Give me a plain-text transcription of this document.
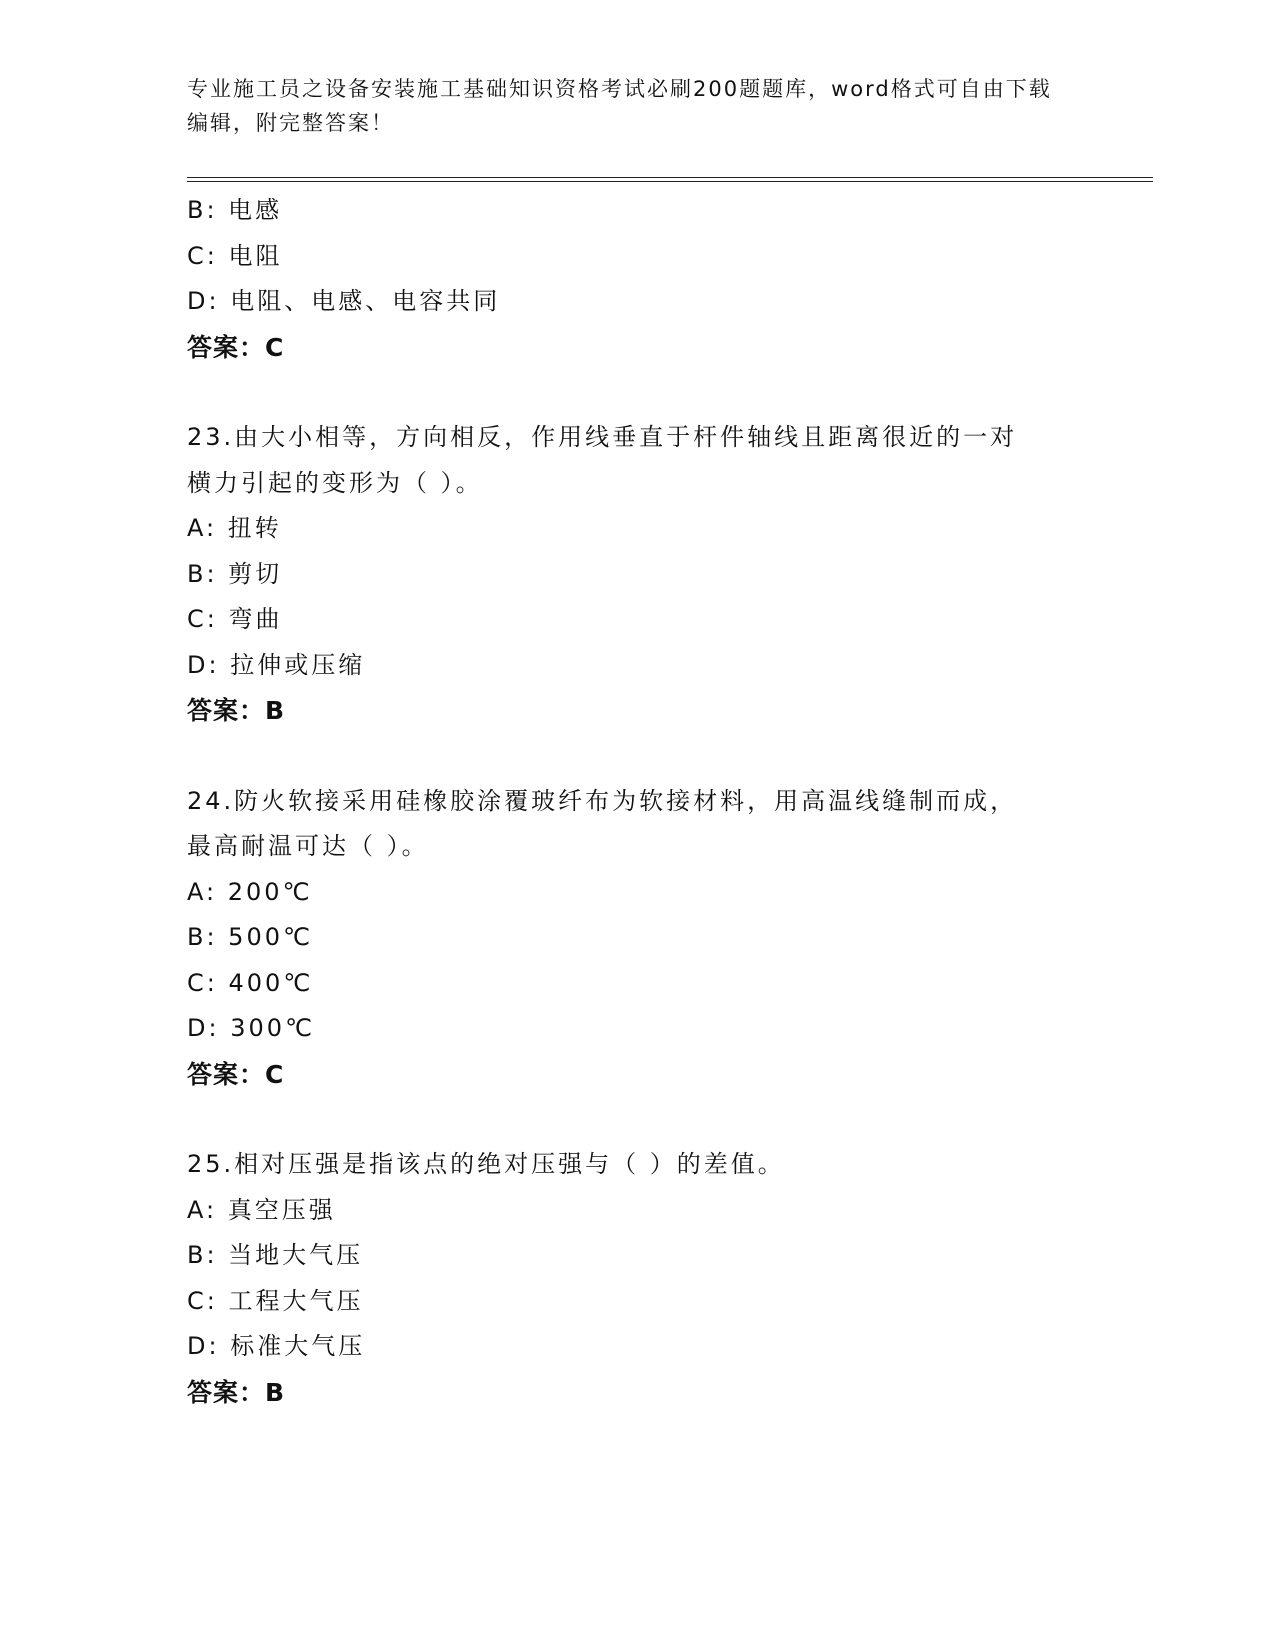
专业施工员之设备安装施工基础知识资格考试必刷200题题库，word格式可自由下载编辑，附完整答案！
B: 电感
C: 电阻
D: 电阻、电感、电容共同
答案：C
23.由大小相等，方向相反，作用线垂直于杆件轴线且距离很近的一对
横力引起的变形为（ ）。
A: 扭转
B: 剪切
C: 弯曲
D: 拉伸或压缩
答案：B
24.防火软接采用硅橡胶涂覆玻纤布为软接材料，用高温线缝制而成，
最高耐温可达（ ）。
A: 200℃
B: 500℃
C: 400℃
D: 300℃
答案：C
25.相对压强是指该点的绝对压强与（ ）的差值。
A: 真空压强
B: 当地大气压
C: 工程大气压
D: 标准大气压
答案：B
